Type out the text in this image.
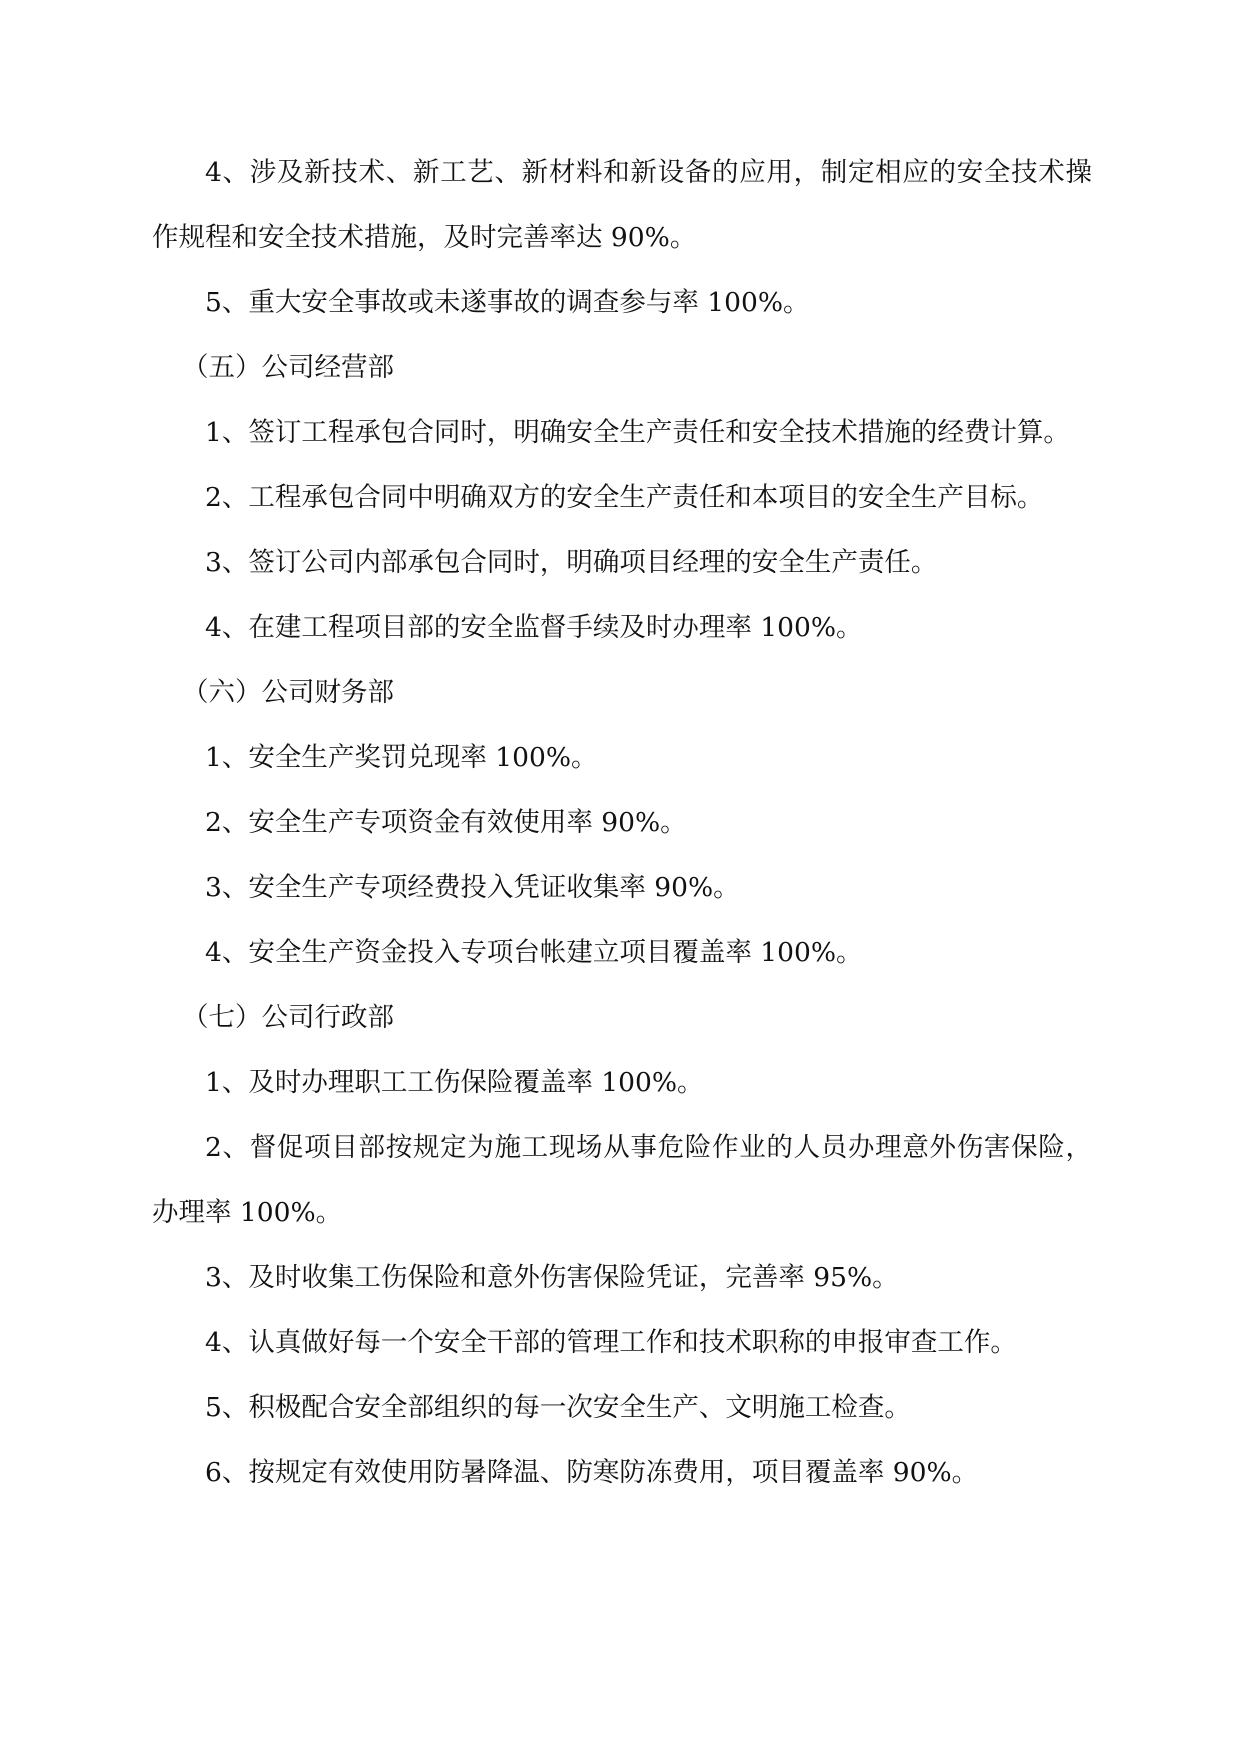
4、涉及新技术、新工艺、新材料和新设备的应用，制定相应的安全技术操作规程和安全技术措施，及时完善率达 90%。

5、重大安全事故或未遂事故的调查参与率 100%。

（五）公司经营部

1、签订工程承包合同时，明确安全生产责任和安全技术措施的经费计算。

2、工程承包合同中明确双方的安全生产责任和本项目的安全生产目标。

3、签订公司内部承包合同时，明确项目经理的安全生产责任。

4、在建工程项目部的安全监督手续及时办理率 100%。

（六）公司财务部

1、安全生产奖罚兑现率 100%。

2、安全生产专项资金有效使用率 90%。

3、安全生产专项经费投入凭证收集率 90%。

4、安全生产资金投入专项台帐建立项目覆盖率 100%。

（七）公司行政部

1、及时办理职工工伤保险覆盖率 100%。

2、督促项目部按规定为施工现场从事危险作业的人员办理意外伤害保险，办理率 100%。

3、及时收集工伤保险和意外伤害保险凭证，完善率 95%。

4、认真做好每一个安全干部的管理工作和技术职称的申报审查工作。

5、积极配合安全部组织的每一次安全生产、文明施工检查。

6、按规定有效使用防暑降温、防寒防冻费用，项目覆盖率 90%。
